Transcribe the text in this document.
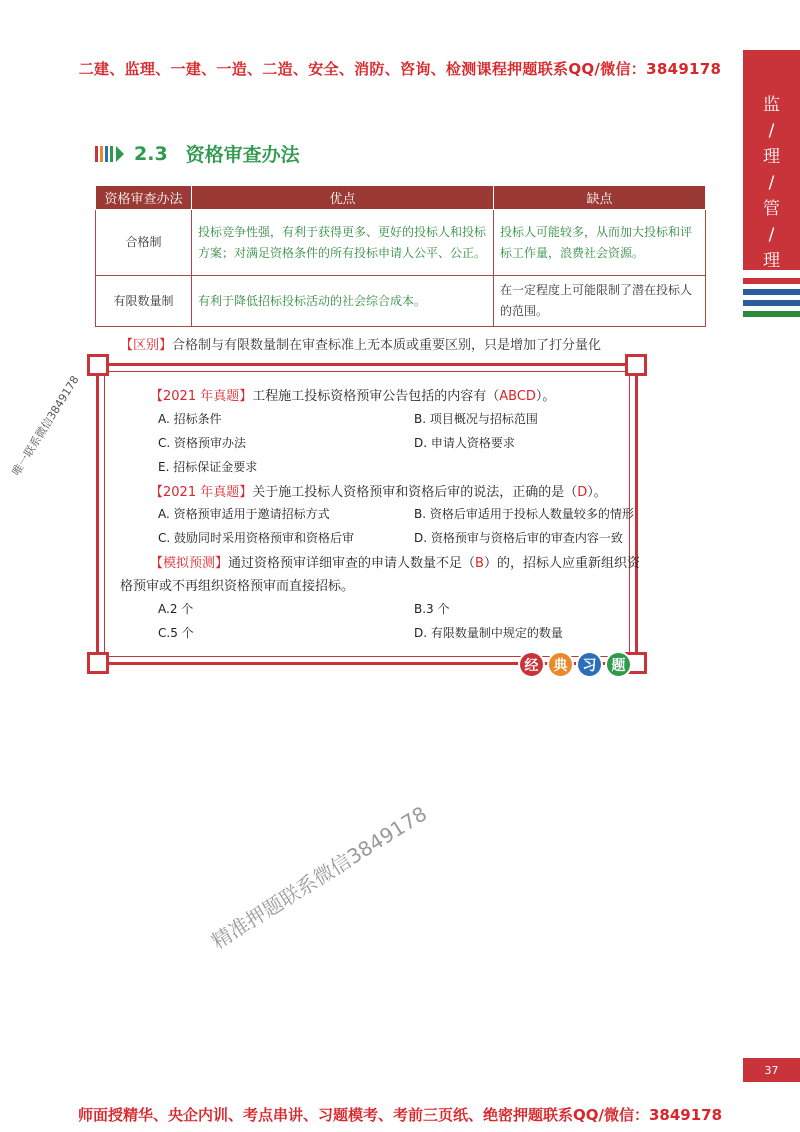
二建、监理、一建、一造、二造、安全、消防、咨询、检测课程押题联系QQ/微信：3849178
监
/
理
/
管
/
理
2.3 资格审查办法
资格审查办法	优点	缺点
合格制	投标竞争性强，有利于获得更多、更好的投标人和投标方案；对满足资格条件的所有投标申请人公平、公正。	投标人可能较多，从而加大投标和评标工作量，浪费社会资源。
有限数量制	有利于降低招标投标活动的社会综合成本。	在一定程度上可能限制了潜在投标人的范围。
【区别】合格制与有限数量制在审查标准上无本质或重要区别，只是增加了打分量化
【2021 年真题】工程施工投标资格预审公告包括的内容有（ABCD）。
A. 招标条件	B. 项目概况与招标范围
C. 资格预审办法	D. 申请人资格要求
E. 招标保证金要求
【2021 年真题】关于施工投标人资格预审和资格后审的说法，正确的是（D）。
A. 资格预审适用于邀请招标方式	B. 资格后审适用于投标人数量较多的情形
C. 鼓励同时采用资格预审和资格后审	D. 资格预审与资格后审的审查内容一致
【模拟预测】通过资格预审详细审查的申请人数量不足（B）的，招标人应重新组织资
格预审或不再组织资格预审而直接招标。
A.2 个	B.3 个
C.5 个	D. 有限数量制中规定的数量
经	典	习	题
唯一联系微信3849178
精准押题联系微信3849178
37
师面授精华、央企内训、考点串讲、习题模考、考前三页纸、绝密押题联系QQ/微信：3849178
